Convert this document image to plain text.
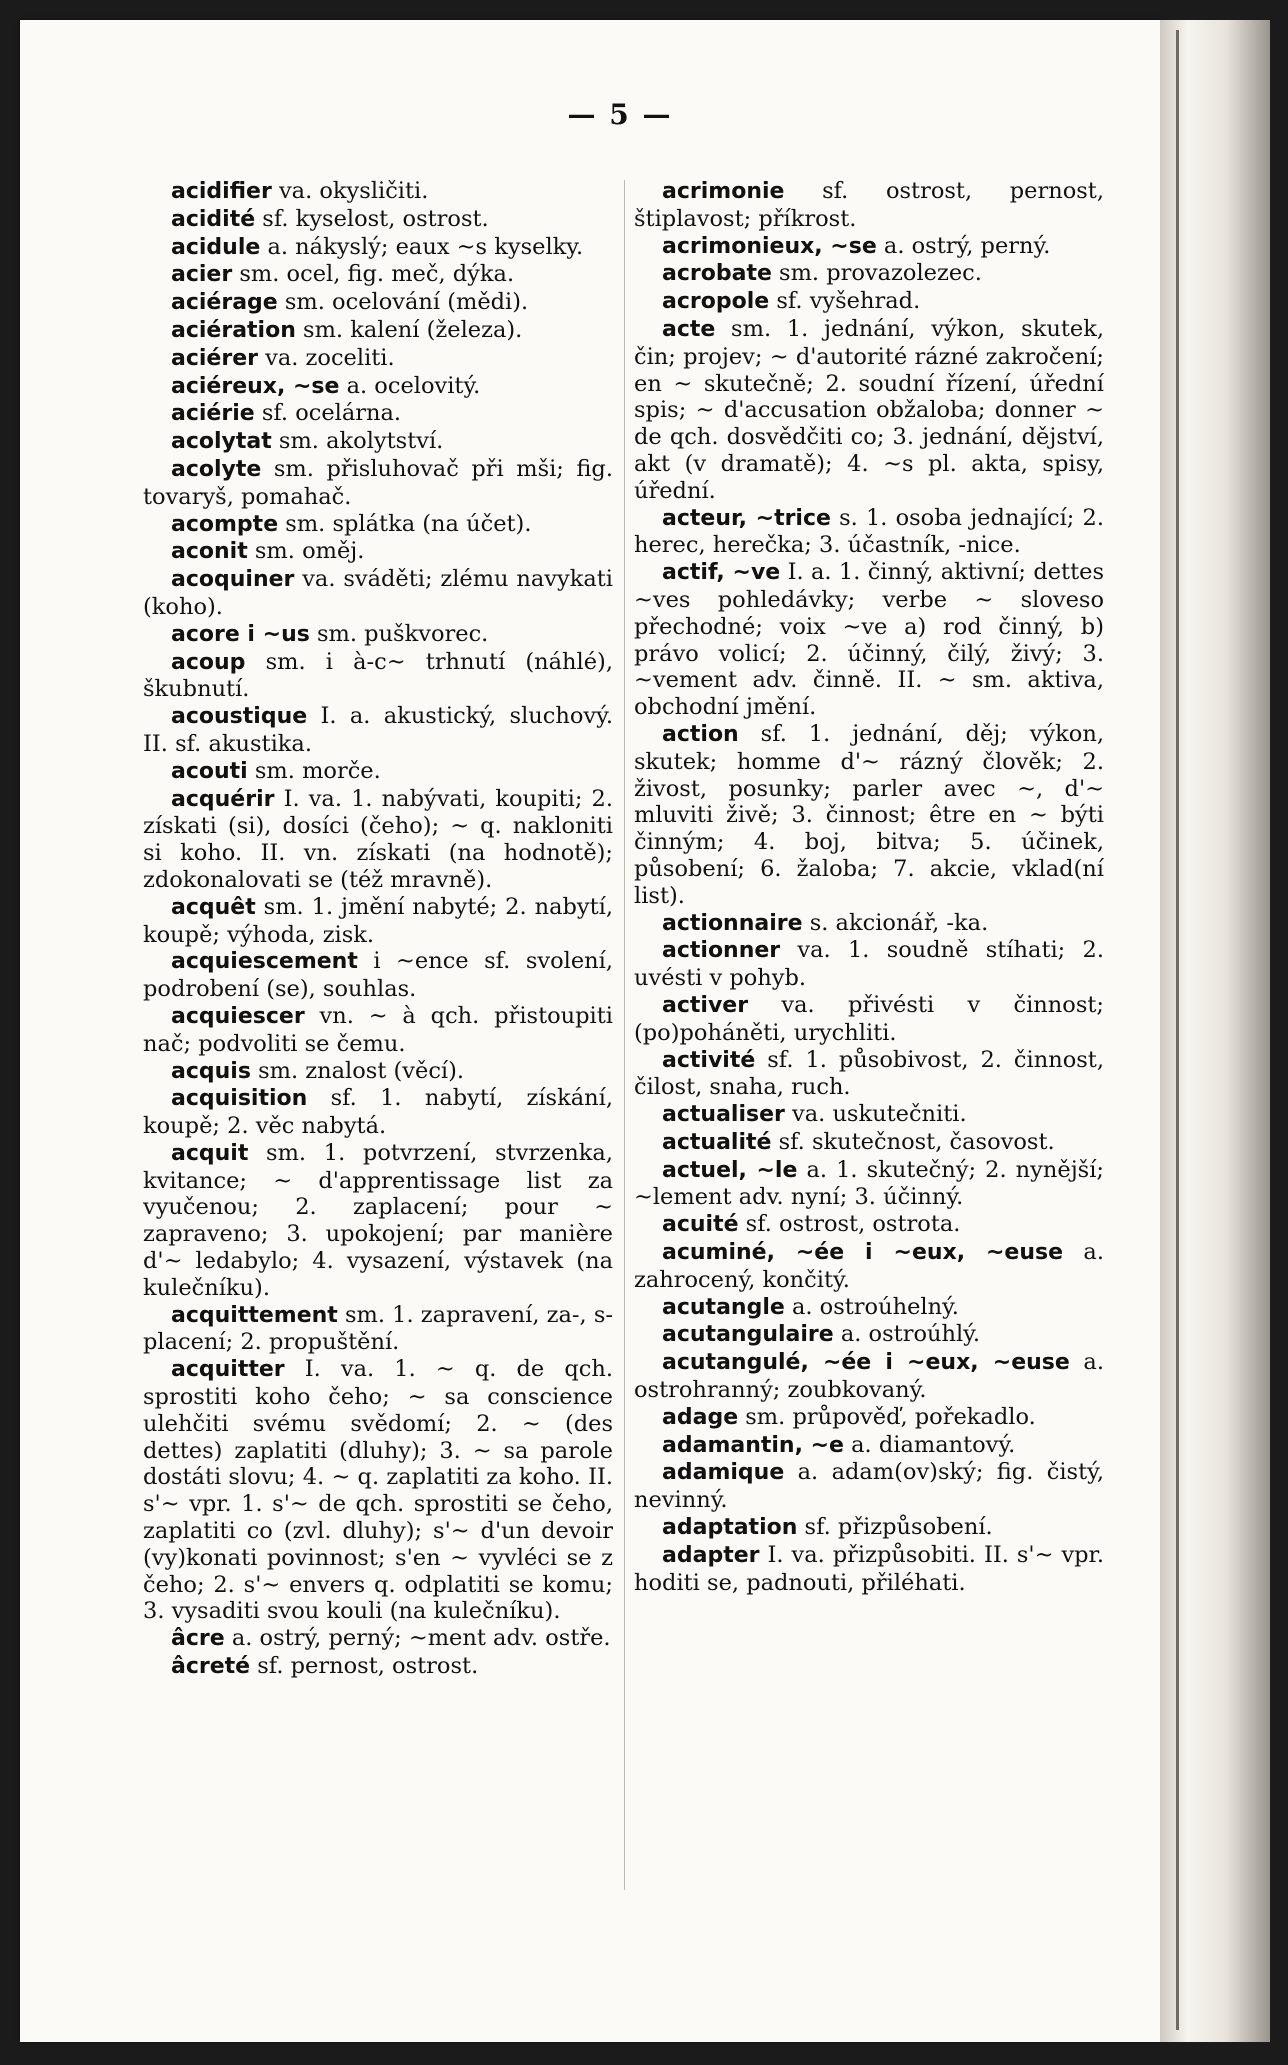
— 5 —
acidifier va. okysličiti.
acidité sf. kyselost, ostrost.
acidule a. nákyslý; eaux ~s kyselky.
acier sm. ocel, fig. meč, dýka.
aciérage sm. ocelování (mědi).
aciération sm. kalení (železa).
aciérer va. zoceliti.
aciéreux, ~se a. ocelovitý.
aciérie sf. ocelárna.
acolytat sm. akolytství.
acolyte sm. přisluhovač při mši; fig. tovaryš, pomahač.
acompte sm. splátka (na účet).
aconit sm. oměj.
acoquiner va. sváděti; zlému navykati (koho).
acore i ~us sm. puškvorec.
acoup sm. i à-c~ trhnutí (náhlé), škubnutí.
acoustique I. a. akustický, sluchový. II. sf. akustika.
acouti sm. morče.
acquérir I. va. 1. nabývati, koupiti; 2. získati (si), dosíci (čeho); ~ q. nakloniti si koho. II. vn. získati (na hodnotě); zdokonalovati se (též mravně).
acquêt sm. 1. jmění nabyté; 2. nabytí, koupě; výhoda, zisk.
acquiescement i ~ence sf. svolení, podrobení (se), souhlas.
acquiescer vn. ~ à qch. přistoupiti nač; podvoliti se čemu.
acquis sm. znalost (věcí).
acquisition sf. 1. nabytí, získání, koupě; 2. věc nabytá.
acquit sm. 1. potvrzení, stvrzenka, kvitance; ~ d'apprentissage list za vyučenou; 2. zaplacení; pour ~ zapraveno; 3. upokojení; par manière d'~ ledabylo; 4. vysazení, výstavek (na kulečníku).
acquittement sm. 1. zapravení, za-, s-placení; 2. propuštění.
acquitter I. va. 1. ~ q. de qch. sprostiti koho čeho; ~ sa conscience ulehčiti svému svědomí; 2. ~ (des dettes) zaplatiti (dluhy); 3. ~ sa parole dostáti slovu; 4. ~ q. zaplatiti za koho. II. s'~ vpr. 1. s'~ de qch. sprostiti se čeho, zaplatiti co (zvl. dluhy); s'~ d'un devoir (vy)konati povinnost; s'en ~ vyvléci se z čeho; 2. s'~ envers q. odplatiti se komu; 3. vysaditi svou kouli (na kulečníku).
âcre a. ostrý, perný; ~ment adv. ostře.
âcreté sf. pernost, ostrost.
acrimonie sf. ostrost, pernost, štiplavost; příkrost.
acrimonieux, ~se a. ostrý, perný.
acrobate sm. provazolezec.
acropole sf. vyšehrad.
acte sm. 1. jednání, výkon, skutek, čin; projev; ~ d'autorité rázné zakročení; en ~ skutečně; 2. soudní řízení, úřední spis; ~ d'accusation obžaloba; donner ~ de qch. dosvědčiti co; 3. jednání, dějství, akt (v dramatě); 4. ~s pl. akta, spisy, úřední.
acteur, ~trice s. 1. osoba jednající; 2. herec, herečka; 3. účastník, -nice.
actif, ~ve I. a. 1. činný, aktivní; dettes ~ves pohledávky; verbe ~ sloveso přechodné; voix ~ve a) rod činný, b) právo volicí; 2. účinný, čilý, živý; 3. ~vement adv. činně. II. ~ sm. aktiva, obchodní jmění.
action sf. 1. jednání, děj; výkon, skutek; homme d'~ rázný člověk; 2. živost, posunky; parler avec ~, d'~ mluviti živě; 3. činnost; être en ~ býti činným; 4. boj, bitva; 5. účinek, působení; 6. žaloba; 7. akcie, vklad(ní list).
actionnaire s. akcionář, -ka.
actionner va. 1. soudně stíhati; 2. uvésti v pohyb.
activer va. přivésti v činnost; (po)poháněti, urychliti.
activité sf. 1. působivost, 2. činnost, čilost, snaha, ruch.
actualiser va. uskutečniti.
actualité sf. skutečnost, časovost.
actuel, ~le a. 1. skutečný; 2. nynější; ~lement adv. nyní; 3. účinný.
acuité sf. ostrost, ostrota.
acuminé, ~ée i ~eux, ~euse a. zahrocený, končitý.
acutangle a. ostroúhelný.
acutangulaire a. ostroúhlý.
acutangulé, ~ée i ~eux, ~euse a. ostrohranný; zoubkovaný.
adage sm. průpověď, pořekadlo.
adamantin, ~e a. diamantový.
adamique a. adam(ov)ský; fig. čistý, nevinný.
adaptation sf. přizpůsobení.
adapter I. va. přizpůsobiti. II. s'~ vpr. hoditi se, padnouti, přiléhati.
